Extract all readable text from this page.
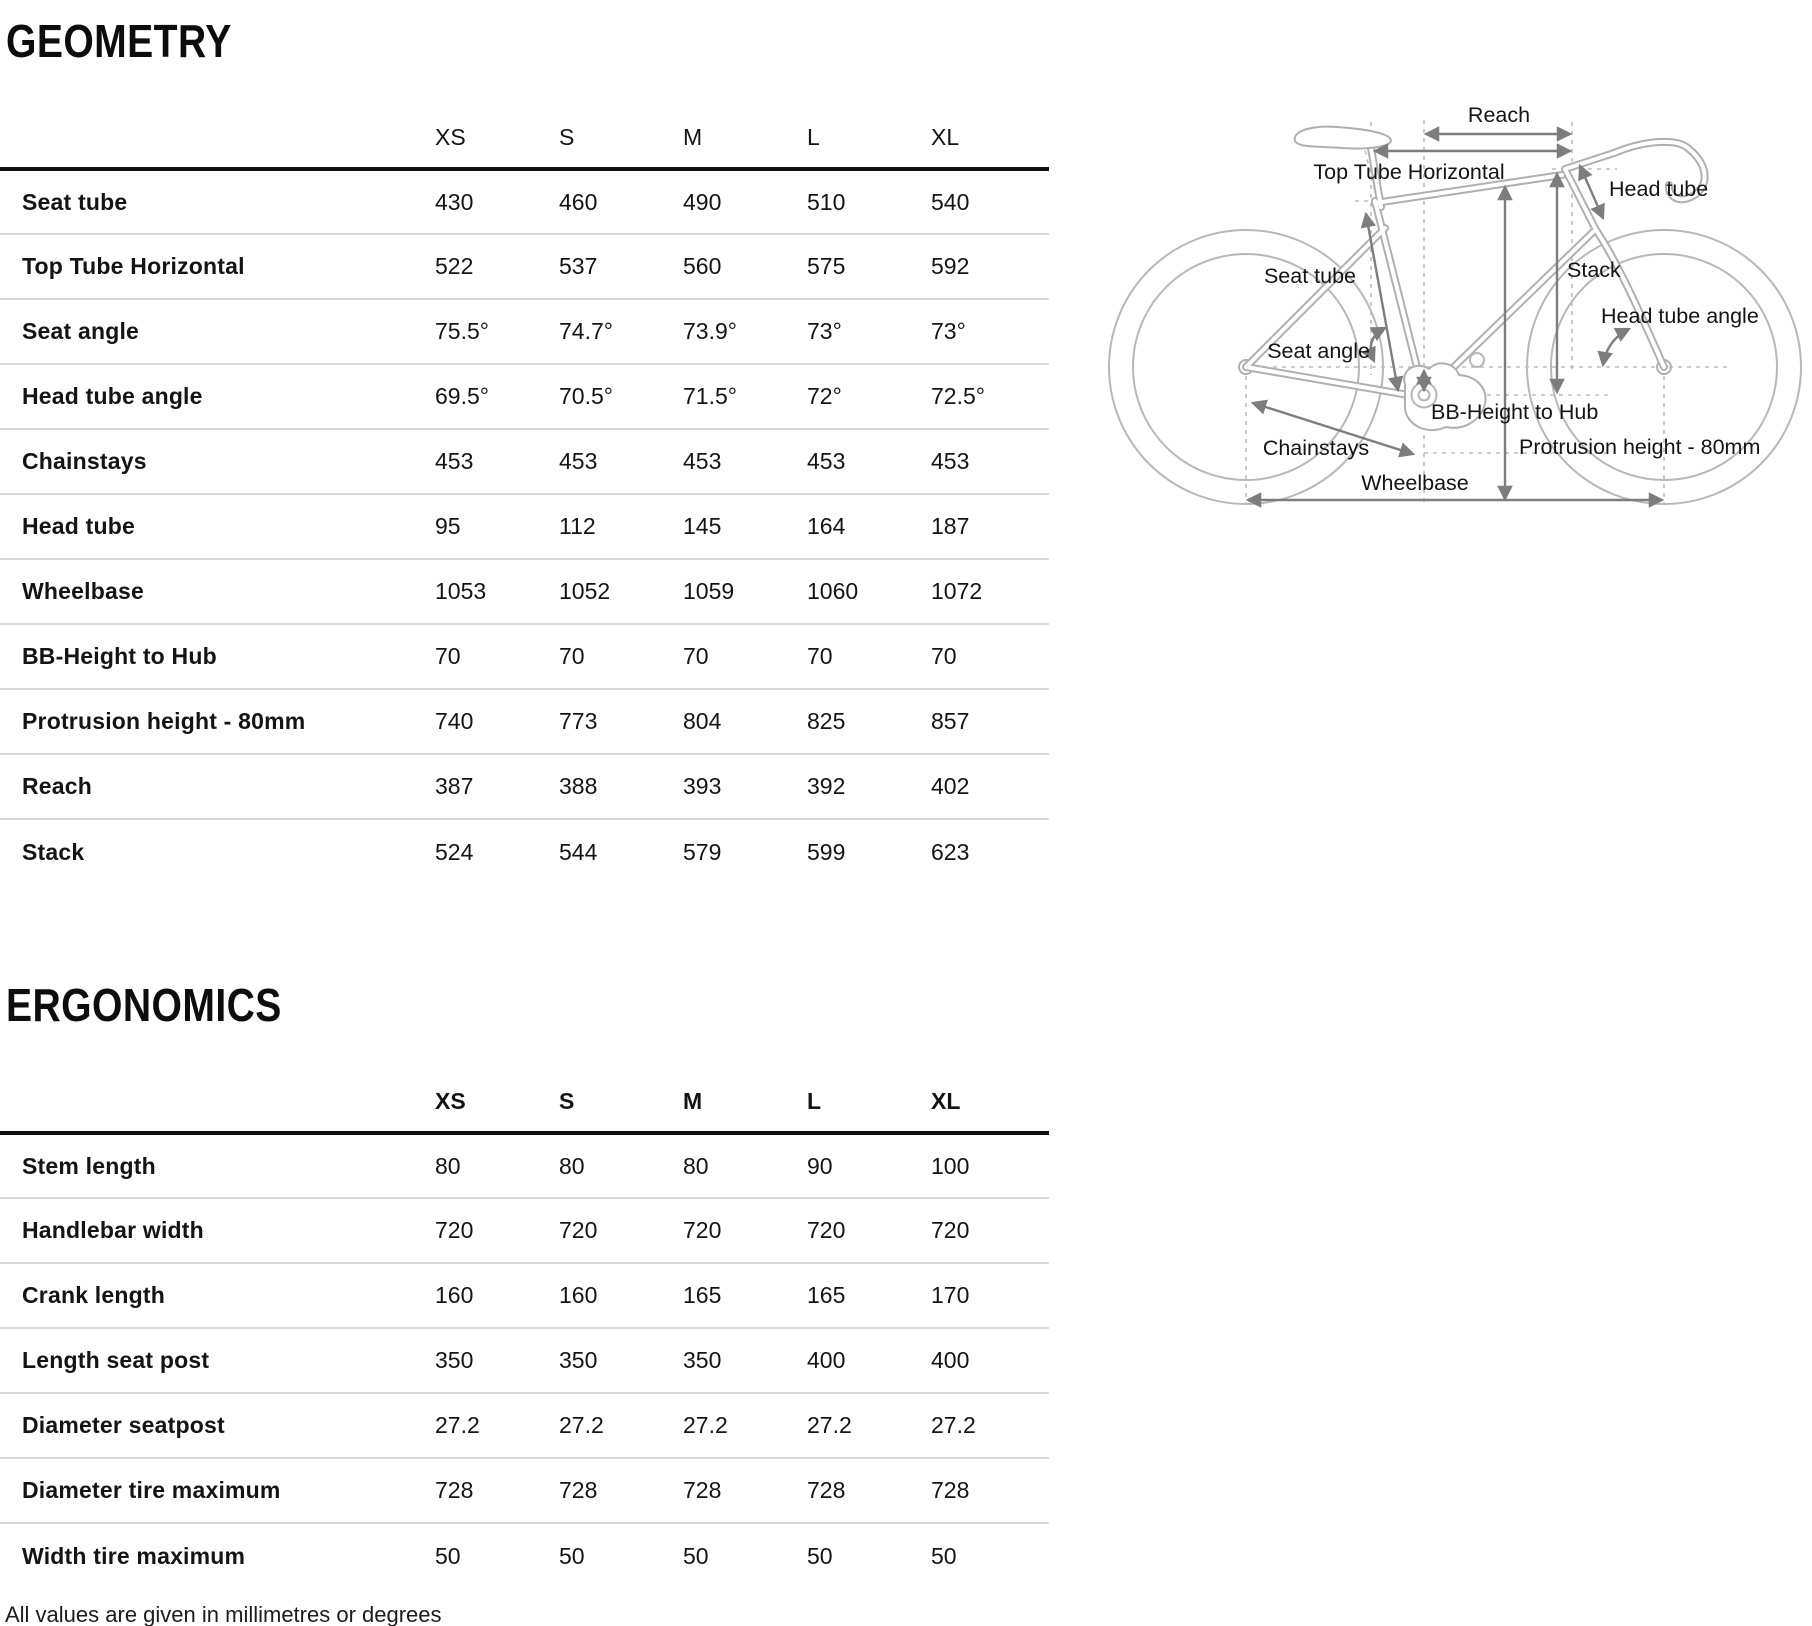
GEOMETRY
	XS	S	M	L	XL
Seat tube	430	460	490	510	540
Top Tube Horizontal	522	537	560	575	592
Seat angle	75.5°	74.7°	73.9°	73°	73°
Head tube angle	69.5°	70.5°	71.5°	72°	72.5°
Chainstays	453	453	453	453	453
Head tube	95	112	145	164	187
Wheelbase	1053	1052	1059	1060	1072
BB-Height to Hub	70	70	70	70	70
Protrusion height - 80mm	740	773	804	825	857
Reach	387	388	393	392	402
Stack	524	544	579	599	623
ERGONOMICS
	XS	S	M	L	XL
Stem length	80	80	80	90	100
Handlebar width	720	720	720	720	720
Crank length	160	160	165	165	170
Length seat post	350	350	350	400	400
Diameter seatpost	27.2	27.2	27.2	27.2	27.2
Diameter tire maximum	728	728	728	728	728
Width tire maximum	50	50	50	50	50
All values are given in millimetres or degrees
Reach
Top Tube Horizontal
Head tube
Seat tube	Stack
Head tube angle
Seat angle
BB-Height to Hub
Chainstays	Protrusion height - 80mm
Wheelbase
